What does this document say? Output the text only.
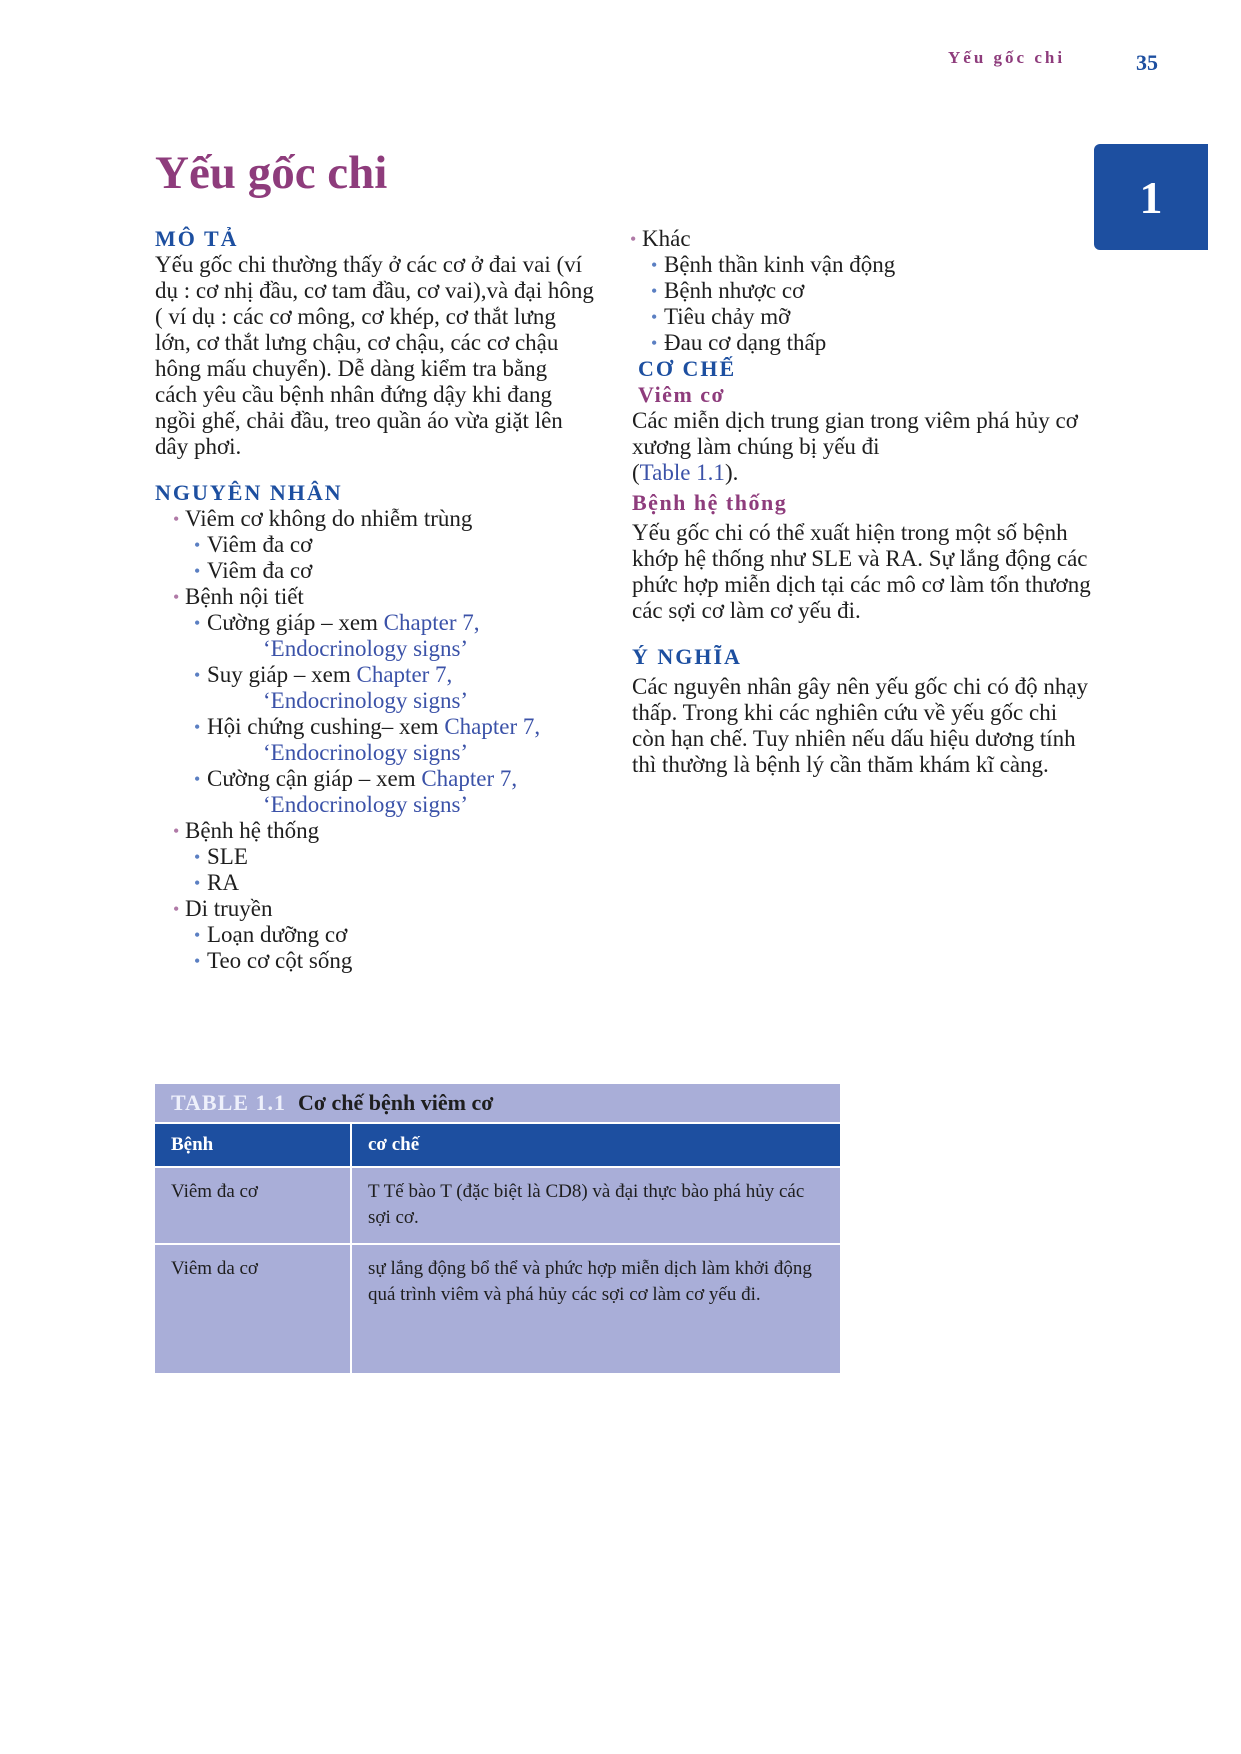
Yếu gốc chi	35
1
Yếu gốc chi
MÔ TẢ

Yếu gốc chi thường thấy ở các cơ ở đai vai (ví dụ : cơ nhị đầu, cơ tam đầu, cơ vai),và đại hông ( ví dụ : các cơ mông, cơ khép, cơ thắt lưng lớn, cơ thắt lưng chậu, cơ chậu, các cơ chậu hông mấu chuyển). Dễ dàng kiểm tra bằng cách yêu cầu bệnh nhân đứng dậy khi đang ngồi ghế, chải đầu, treo quần áo vừa giặt lên dây phơi.

NGUYÊN NHÂN
• Viêm cơ không do nhiễm trùng
• Viêm đa cơ
• Viêm đa cơ
• Bệnh nội tiết
• Cường giáp – xem Chapter 7,
‘Endocrinology signs’
• Suy giáp – xem Chapter 7,
‘Endocrinology signs’
• Hội chứng cushing– xem Chapter 7,
‘Endocrinology signs’
• Cường cận giáp – xem Chapter 7,
‘Endocrinology signs’
• Bệnh hệ thống
• SLE
• RA
• Di truyền
• Loạn dưỡng cơ
• Teo cơ cột sống
• Khác
• Bệnh thần kinh vận động
• Bệnh nhược cơ
• Tiêu chảy mỡ
• Đau cơ dạng thấp
CƠ CHẾ
Viêm cơ

Các miễn dịch trung gian trong viêm phá hủy cơ xương làm chúng bị yếu đi
(Table 1.1).

Bệnh hệ thống

Yếu gốc chi có thể xuất hiện trong một số bệnh khớp hệ thống như SLE và RA. Sự lắng động các phức hợp miễn dịch tại các mô cơ làm tổn thương các sợi cơ làm cơ yếu đi.

Ý NGHĨA

Các nguyên nhân gây nên yếu gốc chi có độ nhạy thấp. Trong khi các nghiên cứu về yếu gốc chi còn hạn chế. Tuy nhiên nếu dấu hiệu dương tính thì thường là bệnh lý cần thăm khám kĩ càng.

TABLE 1.1 Cơ chế bệnh viêm cơ
Bệnh	cơ chế
Viêm đa cơ	T Tế bào T (đặc biệt là CD8) và đại thực bào phá hủy các sợi cơ.
Viêm da cơ	sự lắng động bổ thể và phức hợp miễn dịch làm khởi động quá trình viêm và phá hủy các sợi cơ làm cơ yếu đi.
